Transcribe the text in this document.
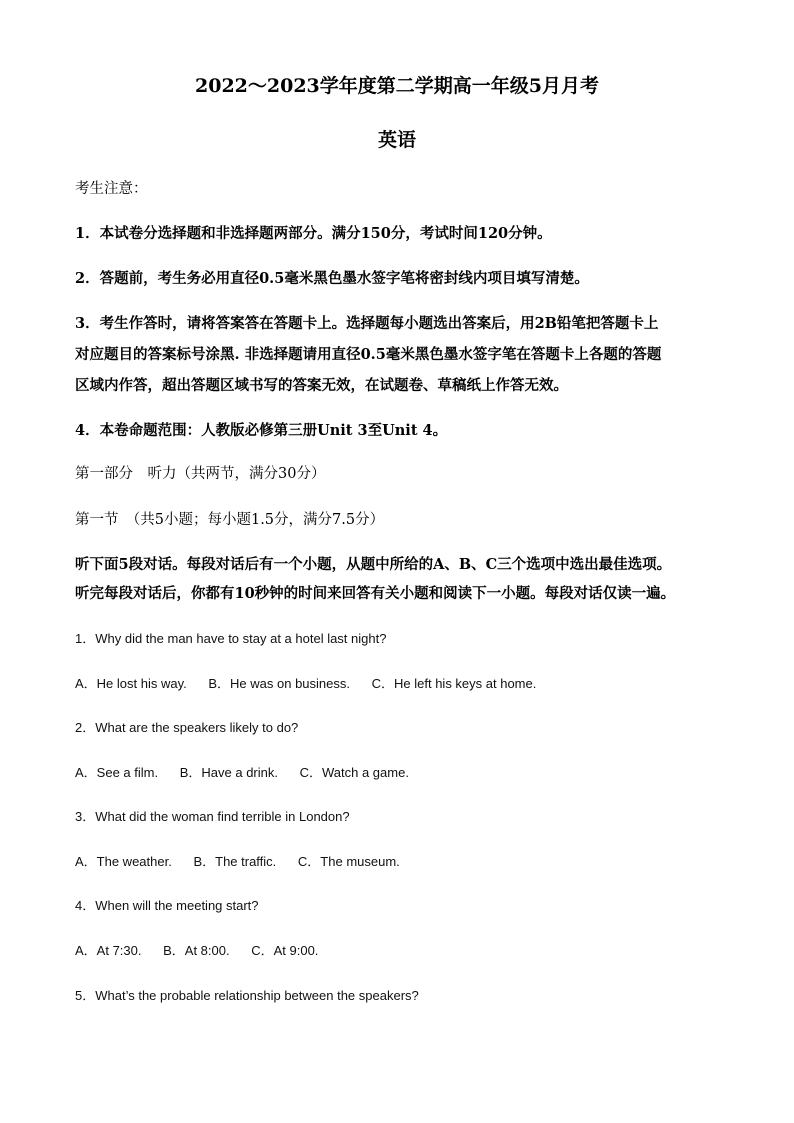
2022～2023学年度第二学期高一年级5月月考
英语
考生注意：
1．本试卷分选择题和非选择题两部分。满分150分，考试时间120分钟。
2．答题前，考生务必用直径0.5毫米黑色墨水签字笔将密封线内项目填写清楚。
3．考生作答时，请将答案答在答题卡上。选择题每小题选出答案后，用2B铅笔把答题卡上
对应题目的答案标号涂黑. 非选择题请用直径0.5毫米黑色墨水签字笔在答题卡上各题的答题
区域内作答，超出答题区域书写的答案无效，在试题卷、草稿纸上作答无效。
4．本卷命题范围：人教版必修第三册Unit 3至Unit 4。
第一部分　听力（共两节，满分30分）
第一节　（共5小题；每小题1.5分，满分7.5分）
听下面5段对话。每段对话后有一个小题，从题中所给的A、B、C三个选项中选出最佳选项。
听完每段对话后，你都有10秒钟的时间来回答有关小题和阅读下一小题。每段对话仅读一遍。
1．Why did the man have to stay at a hotel last night?
A．He lost his way. B．He was on business. C．He left his keys at home.
2．What are the speakers likely to do?
A．See a film. B．Have a drink. C．Watch a game.
3．What did the woman find terrible in London?
A．The weather. B．The traffic. C．The museum.
4．When will the meeting start?
A．At 7:30. B．At 8:00. C．At 9:00.
5．What’s the probable relationship between the speakers?
